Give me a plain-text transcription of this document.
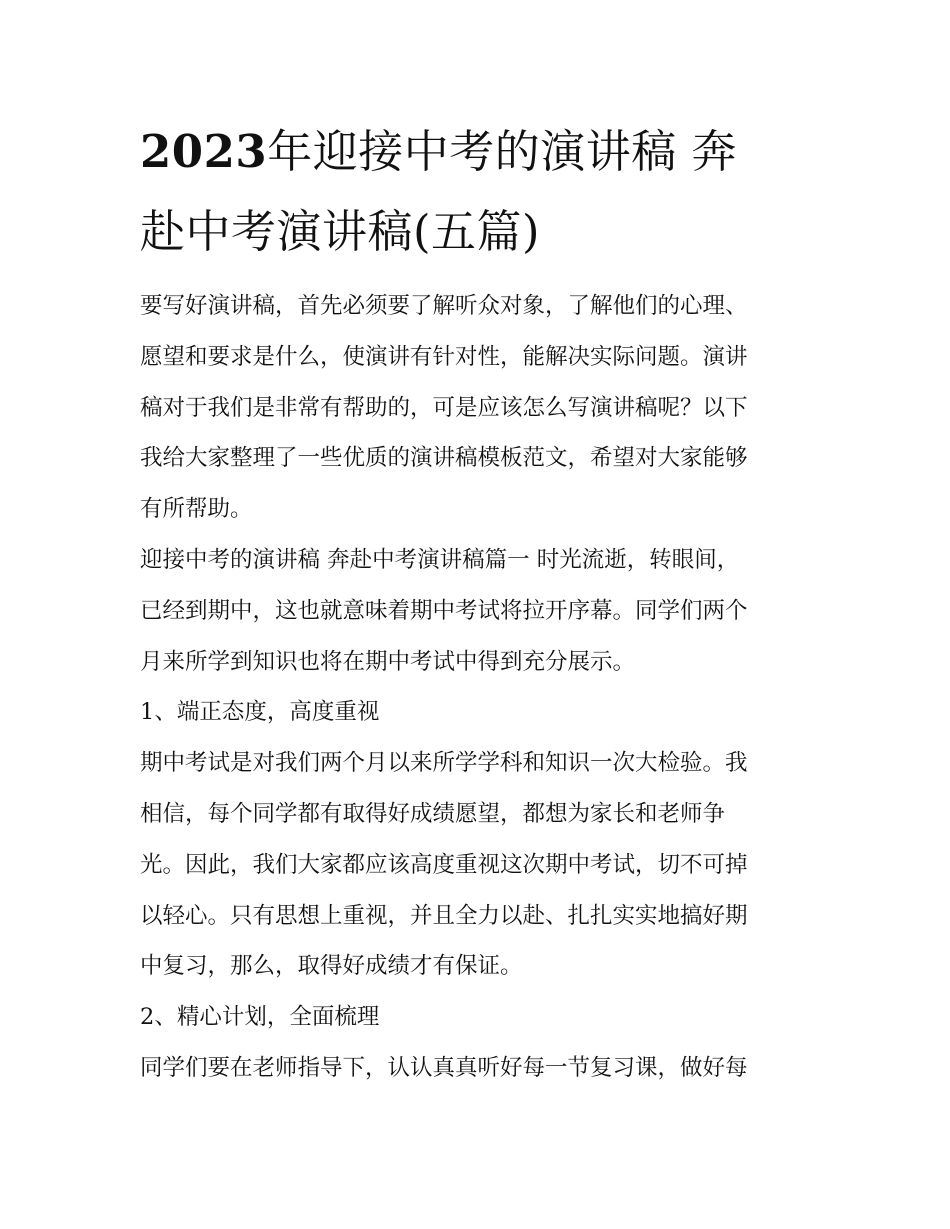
2023年迎接中考的演讲稿 奔
赴中考演讲稿(五篇)
要写好演讲稿，首先必须要了解听众对象，了解他们的心理、
愿望和要求是什么，使演讲有针对性，能解决实际问题。演讲
稿对于我们是非常有帮助的，可是应该怎么写演讲稿呢？以下
我给大家整理了一些优质的演讲稿模板范文，希望对大家能够
有所帮助。
迎接中考的演讲稿 奔赴中考演讲稿篇一 时光流逝，转眼间，
已经到期中，这也就意味着期中考试将拉开序幕。同学们两个
月来所学到知识也将在期中考试中得到充分展示。
1、端正态度，高度重视
期中考试是对我们两个月以来所学学科和知识一次大检验。我
相信，每个同学都有取得好成绩愿望，都想为家长和老师争
光。因此，我们大家都应该高度重视这次期中考试，切不可掉
以轻心。只有思想上重视，并且全力以赴、扎扎实实地搞好期
中复习，那么，取得好成绩才有保证。
2、精心计划，全面梳理
同学们要在老师指导下，认认真真听好每一节复习课，做好每
